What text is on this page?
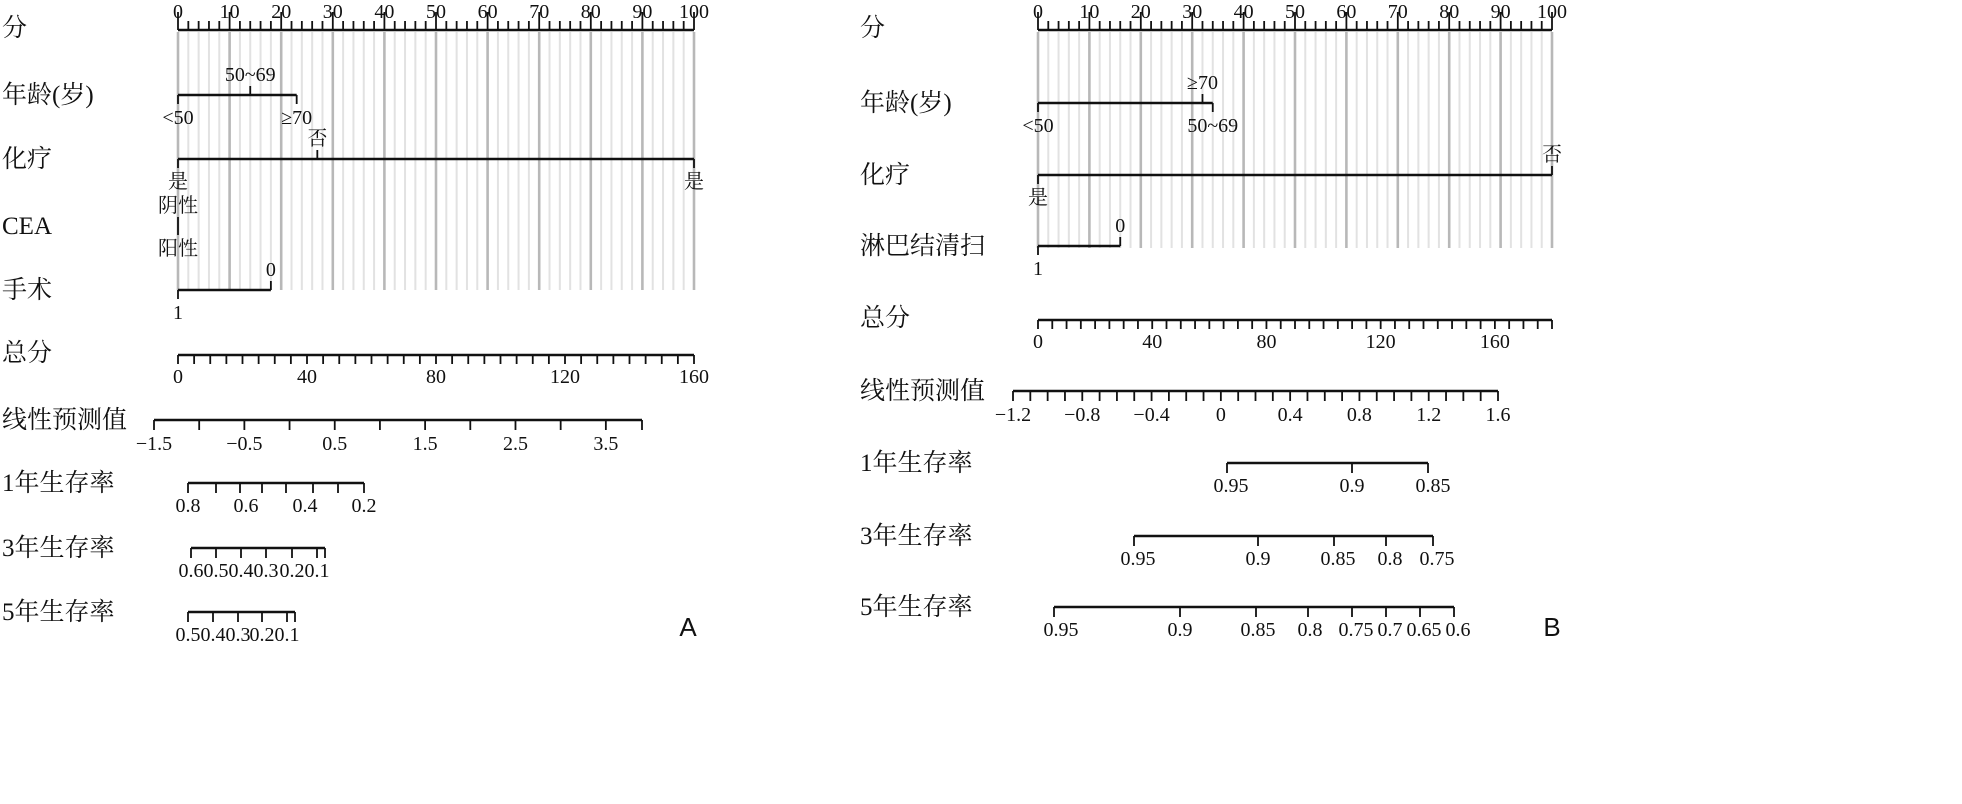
分
0 10 20 30 40 50 60 70 80 90 100
年龄(岁)
<50
50~69
≥70
化疗
是
否
是
CEA
阴性
阳性
手术
1
0
总分
0	40	80	120	160
线性预测值
−1.5	−0.5	0.5	1.5	2.5	3.5
1年生存率
0.8 0.6 0.4 0.2
3年生存率
0.6 0.5 0.4 0.3 0.2 0.1
5年生存率
0.5 0.4 0.3 0.2 0.1	A
分
0 10 20 30 40 50 60 70 80 90 100
年龄(岁)
<50
≥70
50~69
化疗
是
否
淋巴结清扫
1
0
总分
0	40	80	120	160
线性预测值
−1.2 −0.8 −0.4 0	0.4 0.8 1.2 1.6
1年生存率
0.95	0.9	0.85
3年生存率
0.95	0.9	0.85 0.8 0.75
5年生存率
0.95	0.9 0.85 0.8 0.75 0.7 0.65 0.6	B
